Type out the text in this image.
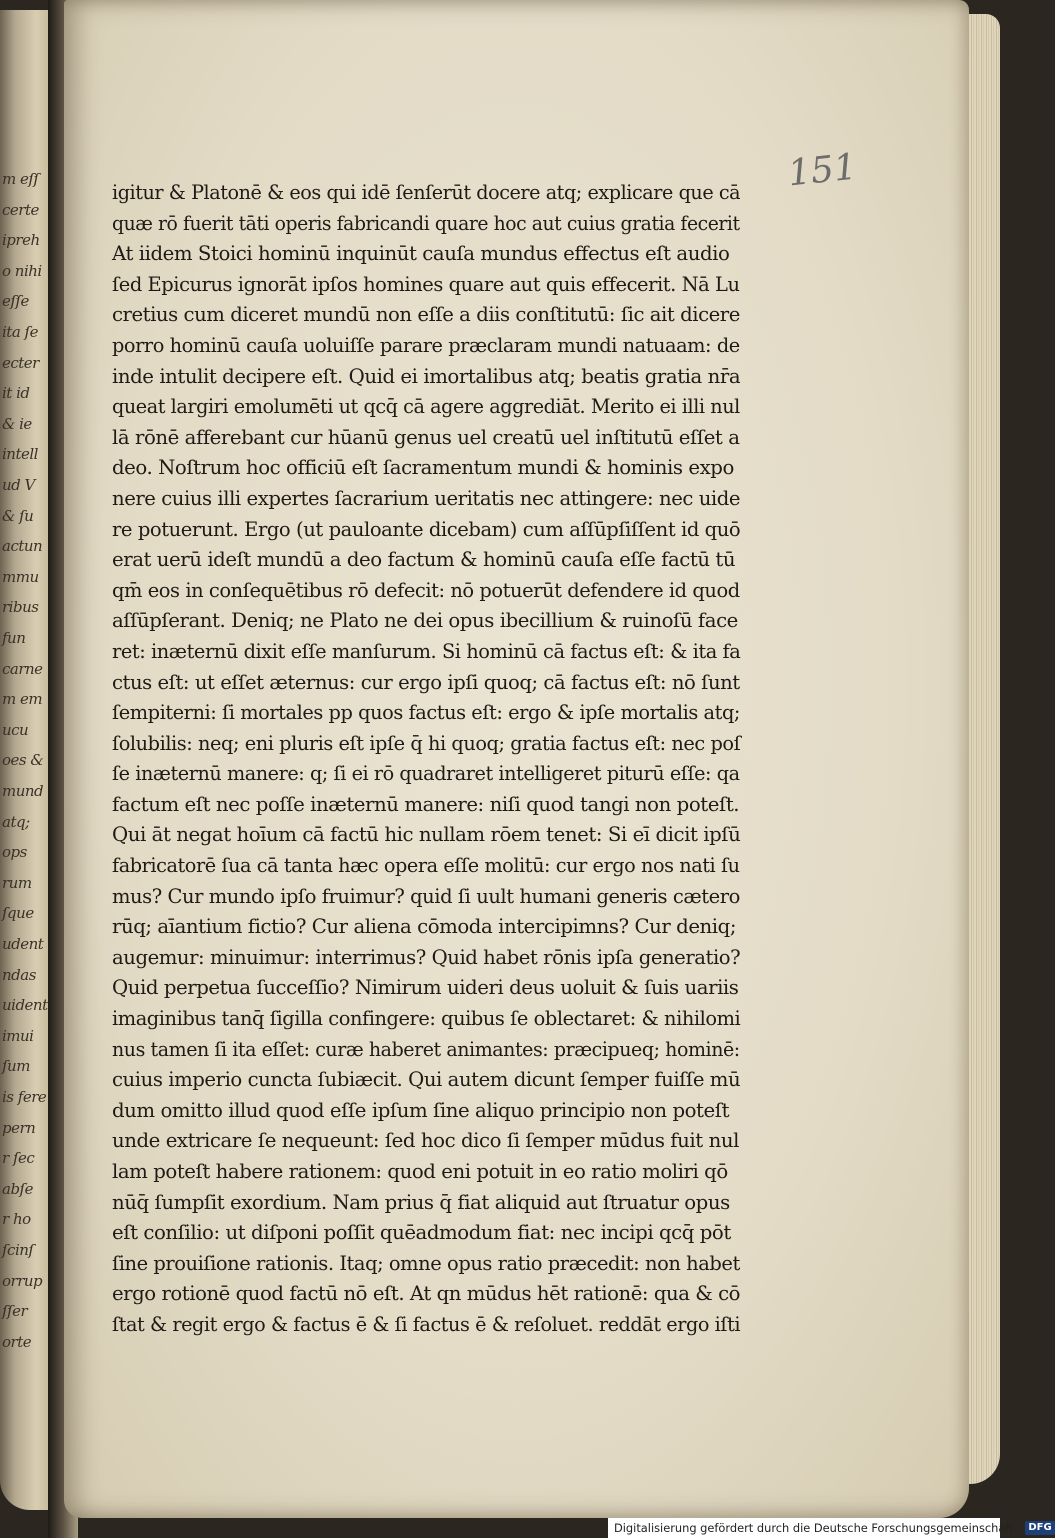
m eſſ
certe
ipreh
o nihi
eſſe
ita ſe
ecter
it id
& ie
intell
ud V
& ſu
actun
mmu
ribus
fun
carne
m em
ucu
oes &
mund
atq;
ops
rum
ſque
udent
ndas
uident
imui
ſum
is fere
pern
r ſec
abſe
r ho
ſcinſ
orrup
ſſer
orte
151
igitur & Platonē & eos qui idē ſenſerūt docere atq; explicare que cā
quæ rō fuerit tāti operis fabricandi quare hoc aut cuius gratia fecerit
At iidem Stoici hominū inquinūt cauſa mundus effectus eſt audio
ſed Epicurus ignorāt ipſos homines quare aut quis effecerit. Nā Lu
cretius cum diceret mundū non eſſe a diis conſtitutū: ſic ait dicere
porro hominū cauſa uoluiſſe parare præclaram mundi natuaam: de
inde intulit decipere eſt. Quid ei imortalibus atq; beatis gratia nr̄a
queat largiri emolumēti ut qcq̄ cā agere aggrediāt. Merito ei illi nul
lā rōnē afferebant cur hūanū genus uel creatū uel inſtitutū eſſet a
deo. Noſtrum hoc officiū eſt ſacramentum mundi & hominis expo
nere cuius illi expertes ſacrarium ueritatis nec attingere: nec uide
re potuerunt. Ergo (ut pauloante dicebam) cum aſſūpſiſſent id quō
erat uerū ideſt mundū a deo factum & hominū cauſa eſſe factū tū
qm̄ eos in conſequētibus rō defecit: nō potuerūt defendere id quod
aſſūpſerant. Deniq; ne Plato ne dei opus ibecillium & ruinoſū face
ret: inæternū dixit eſſe manſurum. Si hominū cā factus eſt: & ita fa
ctus eſt: ut eſſet æternus: cur ergo ipſi quoq; cā factus eſt: nō ſunt
ſempiterni: ſi mortales pp quos factus eſt: ergo & ipſe mortalis atq;
ſolubilis: neq; eni pluris eſt ipſe q̄ hi quoq; gratia factus eſt: nec poſ
ſe inæternū manere: q; ſi ei rō quadraret intelligeret piturū eſſe: qa
factum eſt nec poſſe inæternū manere: niſi quod tangi non poteſt.
Qui āt negat hoīum cā factū hic nullam rōem tenet: Si eī dicit ipſū
fabricatorē ſua cā tanta hæc opera eſſe molitū: cur ergo nos nati ſu
mus? Cur mundo ipſo fruimur? quid ſi uult humani generis cætero
rūq; aīantium fictio? Cur aliena cōmoda intercipimns? Cur deniq;
augemur: minuimur: interrimus? Quid habet rōnis ipſa generatio?
Quid perpetua ſucceſſio? Nimirum uideri deus uoluit & ſuis uariis
imaginibus tanq̄ ſigilla confingere: quibus ſe oblectaret: & nihilomi
nus tamen ſi ita eſſet: curæ haberet animantes: præcipueq; hominē:
cuius imperio cuncta ſubiæcit. Qui autem dicunt ſemper fuiſſe mū
dum omitto illud quod eſſe ipſum ſine aliquo principio non poteſt
unde extricare ſe nequeunt: ſed hoc dico ſi ſemper mūdus fuit nul
lam poteſt habere rationem: quod eni potuit in eo ratio moliri qō
nūq̄ ſumpſit exordium. Nam prius q̄ fiat aliquid aut ſtruatur opus
eſt conſilio: ut diſponi poſſit quēadmodum fiat: nec incipi qcq̄ pōt
ſine prouiſione rationis. Itaq; omne opus ratio præcedit: non habet
ergo rotionē quod factū nō eſt. At qn mūdus hēt rationē: qua & cō
ſtat & regit ergo & factus ē & ſi factus ē & reſoluet. reddāt ergo iſti
Digitalisierung gefördert durch die Deutsche Forschungsgemeinschaft - DFG
